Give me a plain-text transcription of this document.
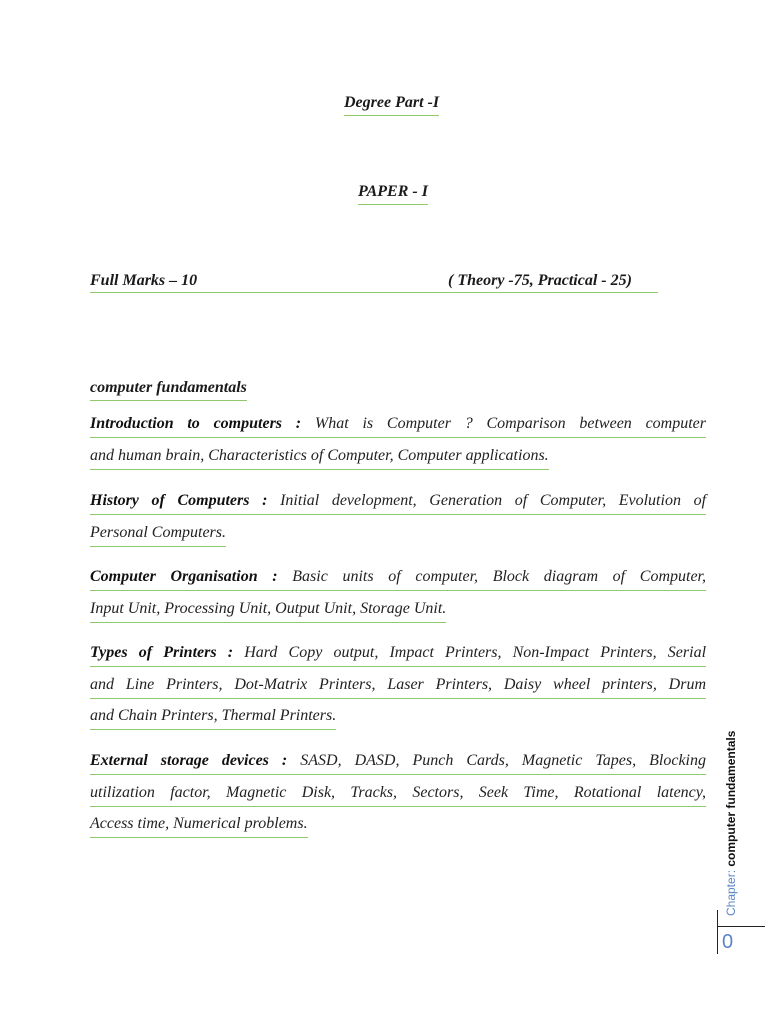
Degree Part -I
PAPER - I
Full Marks – 10	( Theory -75, Practical - 25)
computer fundamentals
Introduction to computers : What is Computer ? Comparison between computer
and human brain, Characteristics of Computer, Computer applications.
History of Computers : Initial development, Generation of Computer, Evolution of
Personal Computers.
Computer Organisation : Basic units of computer, Block diagram of Computer,
Input Unit, Processing Unit, Output Unit, Storage Unit.
Types of Printers : Hard Copy output, Impact Printers, Non-Impact Printers, Serial
and Line Printers, Dot-Matrix Printers, Laser Printers, Daisy wheel printers, Drum
and Chain Printers, Thermal Printers.
External storage devices : SASD, DASD, Punch Cards, Magnetic Tapes, Blocking
utilization factor, Magnetic Disk, Tracks, Sectors, Seek Time, Rotational latency,
Access time, Numerical problems.
Chapter: computer fundamentals
0
